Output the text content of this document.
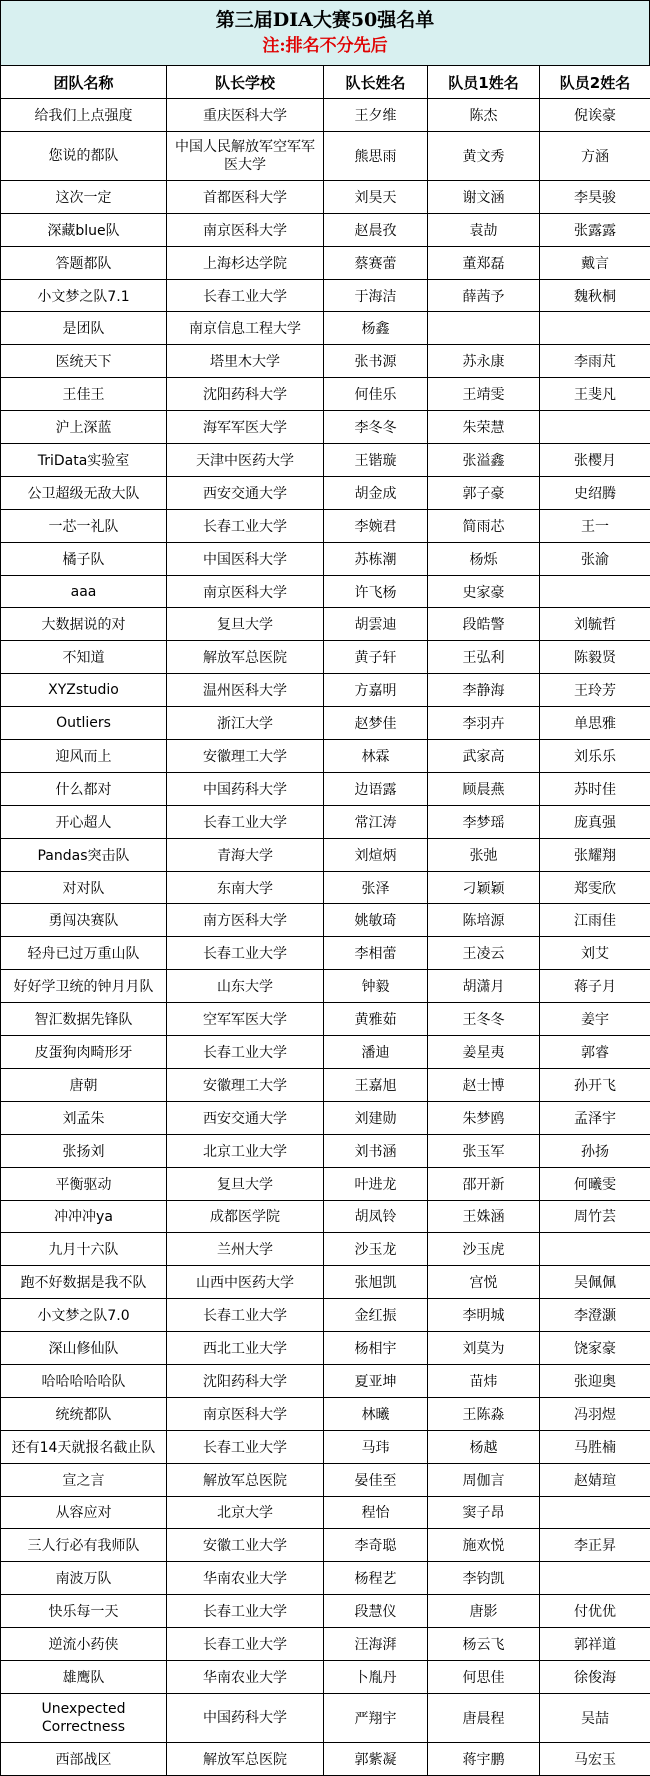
第三届DIA大赛50强名单
注:排名不分先后
团队名称	队长学校	队长姓名	队员1姓名	队员2姓名
给我们上点强度	重庆医科大学	王夕维	陈杰	倪诶豪
您说的都队	中国人民解放军空军军医大学	熊思雨	黄文秀	方涵
这次一定	首都医科大学	刘昊天	谢文涵	李昊骏
深藏blue队	南京医科大学	赵晨孜	袁劼	张露露
答题都队	上海杉达学院	蔡赛蕾	董郑磊	戴言
小文梦之队7.1	长春工业大学	于海洁	薛茜予	魏秋桐
是团队	南京信息工程大学	杨鑫		
医统天下	塔里木大学	张书源	苏永康	李雨芃
王佳王	沈阳药科大学	何佳乐	王靖雯	王斐凡
沪上深蓝	海军军医大学	李冬冬	朱荣慧	
TriData实验室	天津中医药大学	王锴璇	张溢鑫	张樱月
公卫超级无敌大队	西安交通大学	胡金成	郭子豪	史绍腾
一芯一礼队	长春工业大学	李婉君	简雨芯	王一
橘子队	中国医科大学	苏栋潮	杨烁	张渝
aaa	南京医科大学	许飞杨	史家豪	
大数据说的对	复旦大学	胡雲迪	段皓警	刘毓哲
不知道	解放军总医院	黄子轩	王弘利	陈毅贤
XYZstudio	温州医科大学	方嘉明	李静海	王玲芳
Outliers	浙江大学	赵梦佳	李羽卉	单思雅
迎风而上	安徽理工大学	林霖	武家高	刘乐乐
什么都对	中国药科大学	边语露	顾晨燕	苏时佳
开心超人	长春工业大学	常江涛	李梦瑶	庞真强
Pandas突击队	青海大学	刘煊炳	张弛	张耀翔
对对队	东南大学	张泽	刁颖颖	郑雯欣
勇闯决赛队	南方医科大学	姚敏琦	陈培源	江雨佳
轻舟已过万重山队	长春工业大学	李相蕾	王凌云	刘艾
好好学卫统的钟月月队	山东大学	钟毅	胡潇月	蒋子月
智汇数据先锋队	空军军医大学	黄雅茹	王冬冬	姜宇
皮蛋狗肉畸形牙	长春工业大学	潘迪	姜星夷	郭睿
唐朝	安徽理工大学	王嘉旭	赵士博	孙开飞
刘孟朱	西安交通大学	刘建勋	朱梦鸥	孟泽宇
张扬刘	北京工业大学	刘书涵	张玉军	孙扬
平衡驱动	复旦大学	叶进龙	邵开新	何曦雯
冲冲冲ya	成都医学院	胡凤铃	王姝涵	周竹芸
九月十六队	兰州大学	沙玉龙	沙玉虎	
跑不好数据是我不队	山西中医药大学	张旭凯	宫悦	吴佩佩
小文梦之队7.0	长春工业大学	金红振	李明城	李澄灏
深山修仙队	西北工业大学	杨相宇	刘莫为	饶家豪
哈哈哈哈哈队	沈阳药科大学	夏亚坤	苗炜	张迎奥
统统都队	南京医科大学	林曦	王陈淼	冯羽煜
还有14天就报名截止队	长春工业大学	马玮	杨越	马胜楠
宣之言	解放军总医院	晏佳至	周伽言	赵婧瑄
从容应对	北京大学	程怡	窦子昂	
三人行必有我师队	安徽工业大学	李奇聪	施欢悦	李正昇
南波万队	华南农业大学	杨程艺	李钧凯	
快乐每一天	长春工业大学	段慧仪	唐影	付优优
逆流小药侠	长春工业大学	汪海湃	杨云飞	郭祥道
雄鹰队	华南农业大学	卜胤丹	何思佳	徐俊海
Unexpected Correctness	中国药科大学	严翔宇	唐晨程	吴喆
西部战区	解放军总医院	郭紫凝	蒋宇鹏	马宏玉
